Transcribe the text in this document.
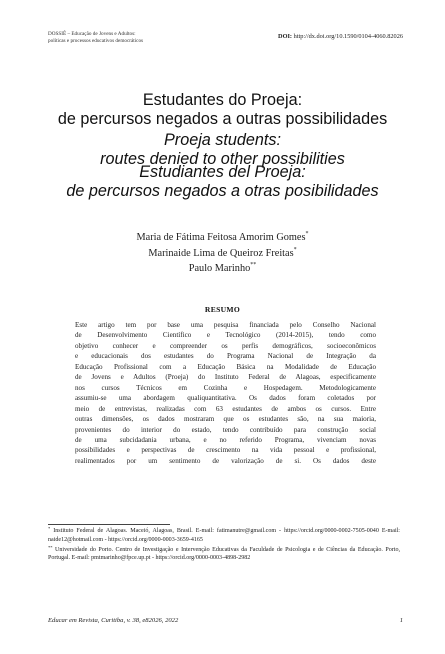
DOSSIÊ – Educação de Jovens e Adultos:
políticas e processos educativos democráticos
DOI: http://dx.doi.org/10.1590/0104-4060.82026
Estudantes do Proeja:
de percursos negados a outras possibilidades
Proeja students:
routes denied to other possibilities
Estudiantes del Proeja:
de percursos negados a otras posibilidades
Maria de Fátima Feitosa Amorim Gomes*
Marinaide Lima de Queiroz Freitas*
Paulo Marinho**
RESUMO
Este artigo tem por base uma pesquisa financiada pelo Conselho Nacional
de Desenvolvimento Científico e Tecnológico (2014-2015), tendo como
objetivo conhecer e compreender os perfis demográficos, socioeconômicos
e educacionais dos estudantes do Programa Nacional de Integração da
Educação Profissional com a Educação Básica na Modalidade de Educação
de Jovens e Adultos (Proeja) do Instituto Federal de Alagoas, especificamente
nos cursos Técnicos em Cozinha e Hospedagem. Metodologicamente
assumiu-se uma abordagem qualiquantitativa. Os dados foram coletados por
meio de entrevistas, realizadas com 63 estudantes de ambos os cursos. Entre
outras dimensões, os dados mostraram que os estudantes são, na sua maioria,
provenientes do interior do estado, tendo contribuído para construção social
de uma subcidadania urbana, e no referido Programa, vivenciam novas
possibilidades e perspectivas de crescimento na vida pessoal e profissional,
realimentados por um sentimento de valorização de si. Os dados deste

* Instituto Federal de Alagoas. Maceió, Alagoas, Brasil. E-mail: fatimanutre@gmail.com - https://orcid.org/0000-0002-7505-0040 E-mail: naide12@hotmail.com - https://orcid.org/0000-0003-3659-4165

** Universidade do Porto. Centro de Investigação e Intervenção Educativas da Faculdade de Psicologia e de Ciências da Educação. Porto, Portugal. E-mail: pmtmarinho@fpce.up.pt - https://orcid.org/0000-0003-4898-2982

Educar em Revista, Curitiba, v. 38, e82026, 2022	1
